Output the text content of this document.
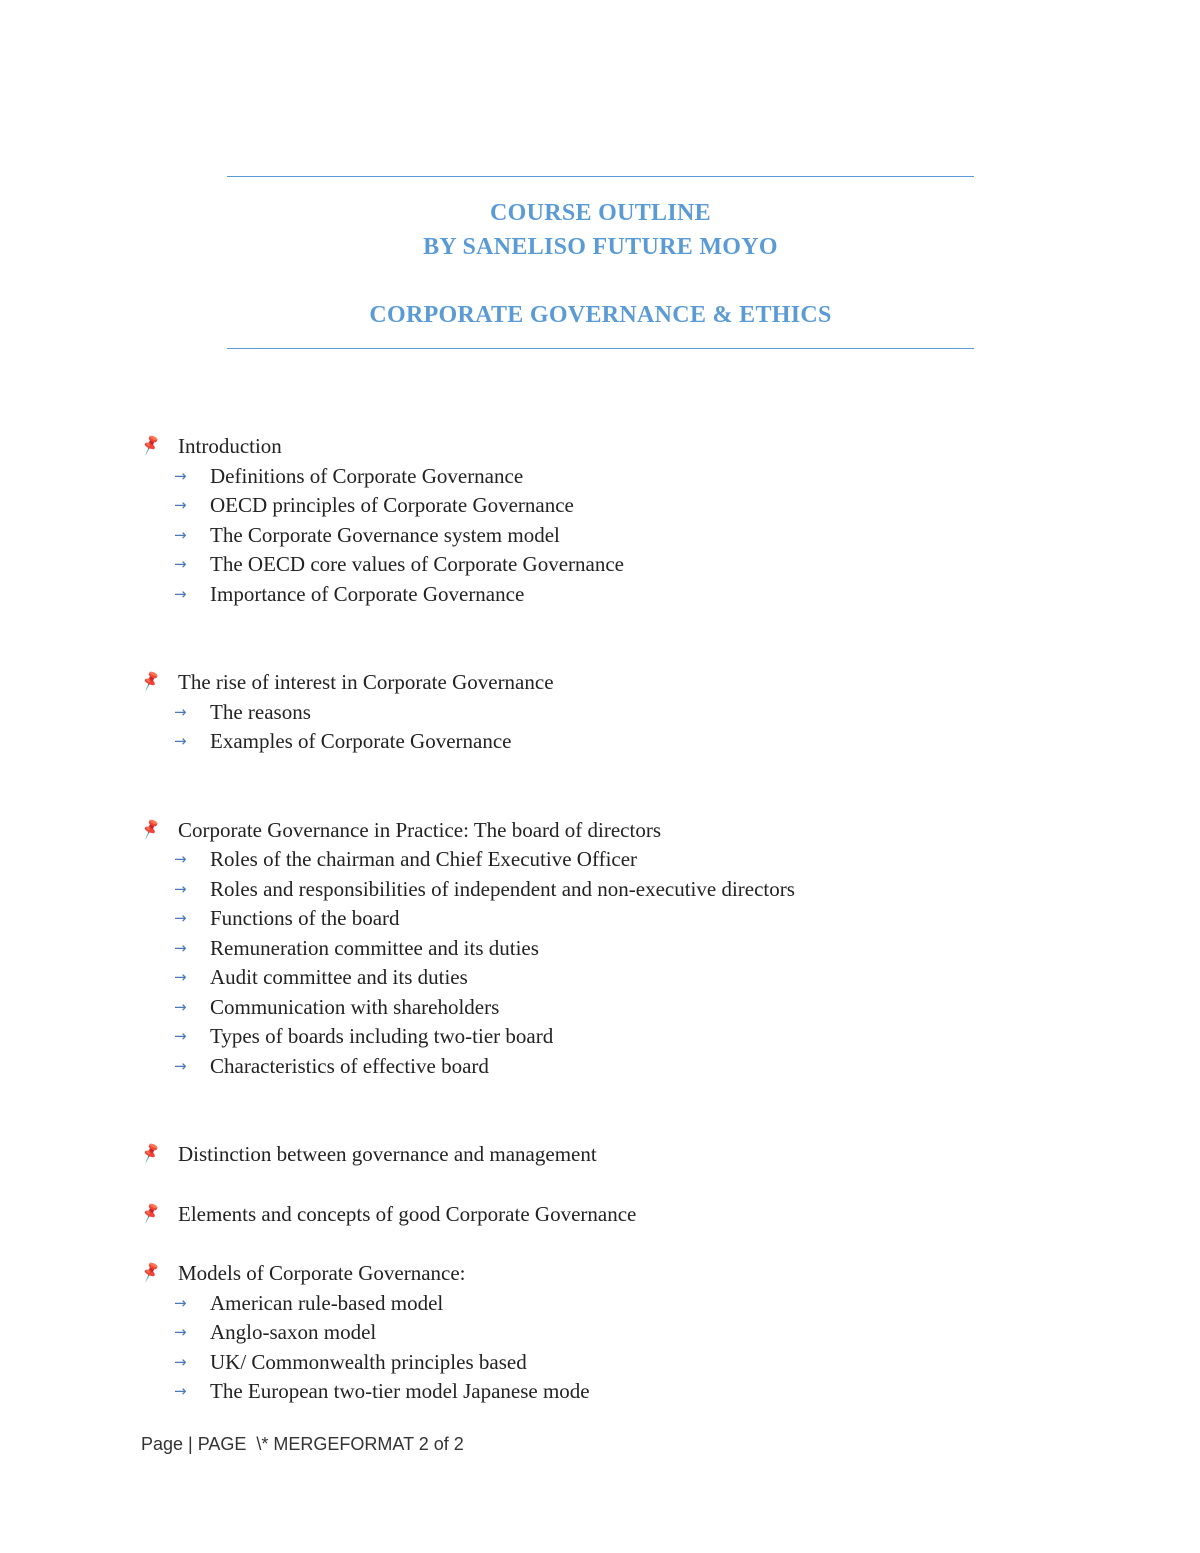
COURSE OUTLINE
BY SANELISO FUTURE MOYO
CORPORATE GOVERNANCE & ETHICS
📌 Introduction
→	Definitions of Corporate Governance
→	OECD principles of Corporate Governance
→	The Corporate Governance system model
→	The OECD core values of Corporate Governance
→	Importance of Corporate Governance
📌 The rise of interest in Corporate Governance
→	The reasons
→	Examples of Corporate Governance
📌 Corporate Governance in Practice: The board of directors
→	Roles of the chairman and Chief Executive Officer
→	Roles and responsibilities of independent and non-executive directors
→	Functions of the board
→	Remuneration committee and its duties
→	Audit committee and its duties
→	Communication with shareholders
→	Types of boards including two-tier board
→	Characteristics of effective board
📌 Distinction between governance and management
📌 Elements and concepts of good Corporate Governance
📌 Models of Corporate Governance:
→	American rule-based model
→	Anglo-saxon model
→	UK/ Commonwealth principles based
→	The European two-tier model Japanese mode
Page | PAGE  \* MERGEFORMAT 2 of 2
